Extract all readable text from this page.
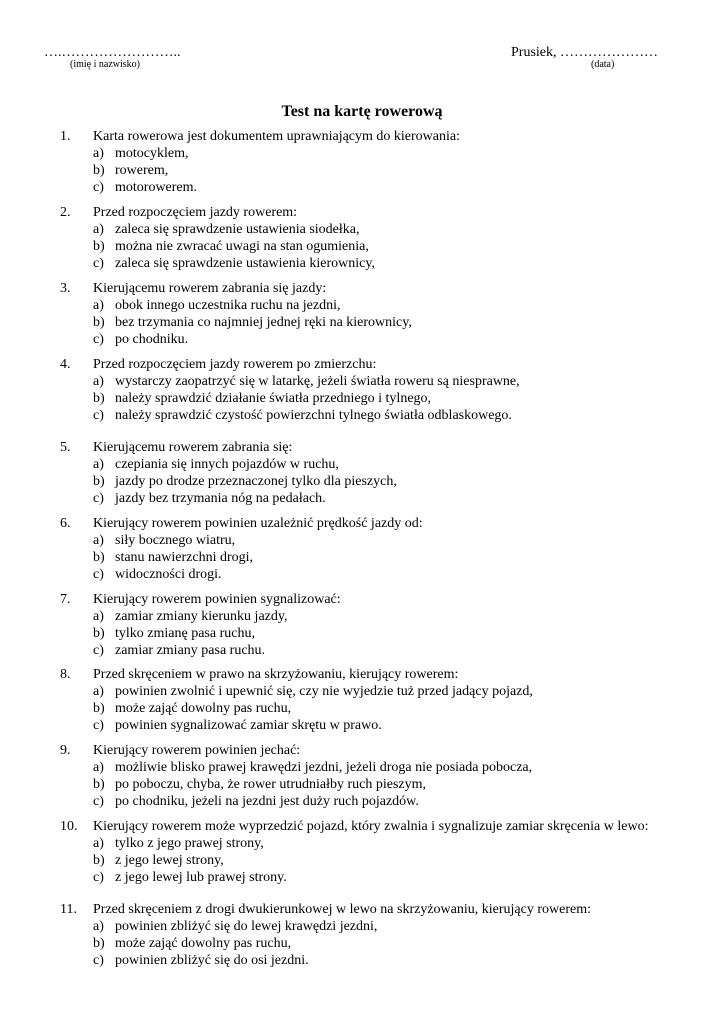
….……………………..
(imię i nazwisko)
Prusiek, …………………
(data)
Test na kartę rowerową
1. Karta rowerowa jest dokumentem uprawniającym do kierowania:
a) motocyklem,
b) rowerem,
c) motorowerem.
2. Przed rozpoczęciem jazdy rowerem:
a) zaleca się sprawdzenie ustawienia siodełka,
b) można nie zwracać uwagi na stan ogumienia,
c) zaleca się sprawdzenie ustawienia kierownicy,
3. Kierującemu rowerem zabrania się jazdy:
a) obok innego uczestnika ruchu na jezdni,
b) bez trzymania co najmniej jednej ręki na kierownicy,
c) po chodniku.
4. Przed rozpoczęciem jazdy rowerem po zmierzchu:
a) wystarczy zaopatrzyć się w latarkę, jeżeli światła roweru są niesprawne,
b) należy sprawdzić działanie światła przedniego i tylnego,
c) należy sprawdzić czystość powierzchni tylnego światła odblaskowego.
5. Kierującemu rowerem zabrania się:
a) czepiania się innych pojazdów w ruchu,
b) jazdy po drodze przeznaczonej tylko dla pieszych,
c) jazdy bez trzymania nóg na pedałach.
6. Kierujący rowerem powinien uzależnić prędkość jazdy od:
a) siły bocznego wiatru,
b) stanu nawierzchni drogi,
c) widoczności drogi.
7. Kierujący rowerem powinien sygnalizować:
a) zamiar zmiany kierunku jazdy,
b) tylko zmianę pasa ruchu,
c) zamiar zmiany pasa ruchu.
8. Przed skręceniem w prawo na skrzyżowaniu, kierujący rowerem:
a) powinien zwolnić i upewnić się, czy nie wyjedzie tuż przed jadący pojazd,
b) może zająć dowolny pas ruchu,
c) powinien sygnalizować zamiar skrętu w prawo.
9. Kierujący rowerem powinien jechać:
a) możliwie blisko prawej krawędzi jezdni, jeżeli droga nie posiada pobocza,
b) po poboczu, chyba, że rower utrudniałby ruch pieszym,
c) po chodniku, jeżeli na jezdni jest duży ruch pojazdów.
10. Kierujący rowerem może wyprzedzić pojazd, który zwalnia i sygnalizuje zamiar skręcenia w lewo:
a) tylko z jego prawej strony,
b) z jego lewej strony,
c) z jego lewej lub prawej strony.
11. Przed skręceniem z drogi dwukierunkowej w lewo na skrzyżowaniu, kierujący rowerem:
a) powinien zbliżyć się do lewej krawędzi jezdni,
b) może zająć dowolny pas ruchu,
c) powinien zbliżyć się do osi jezdni.
